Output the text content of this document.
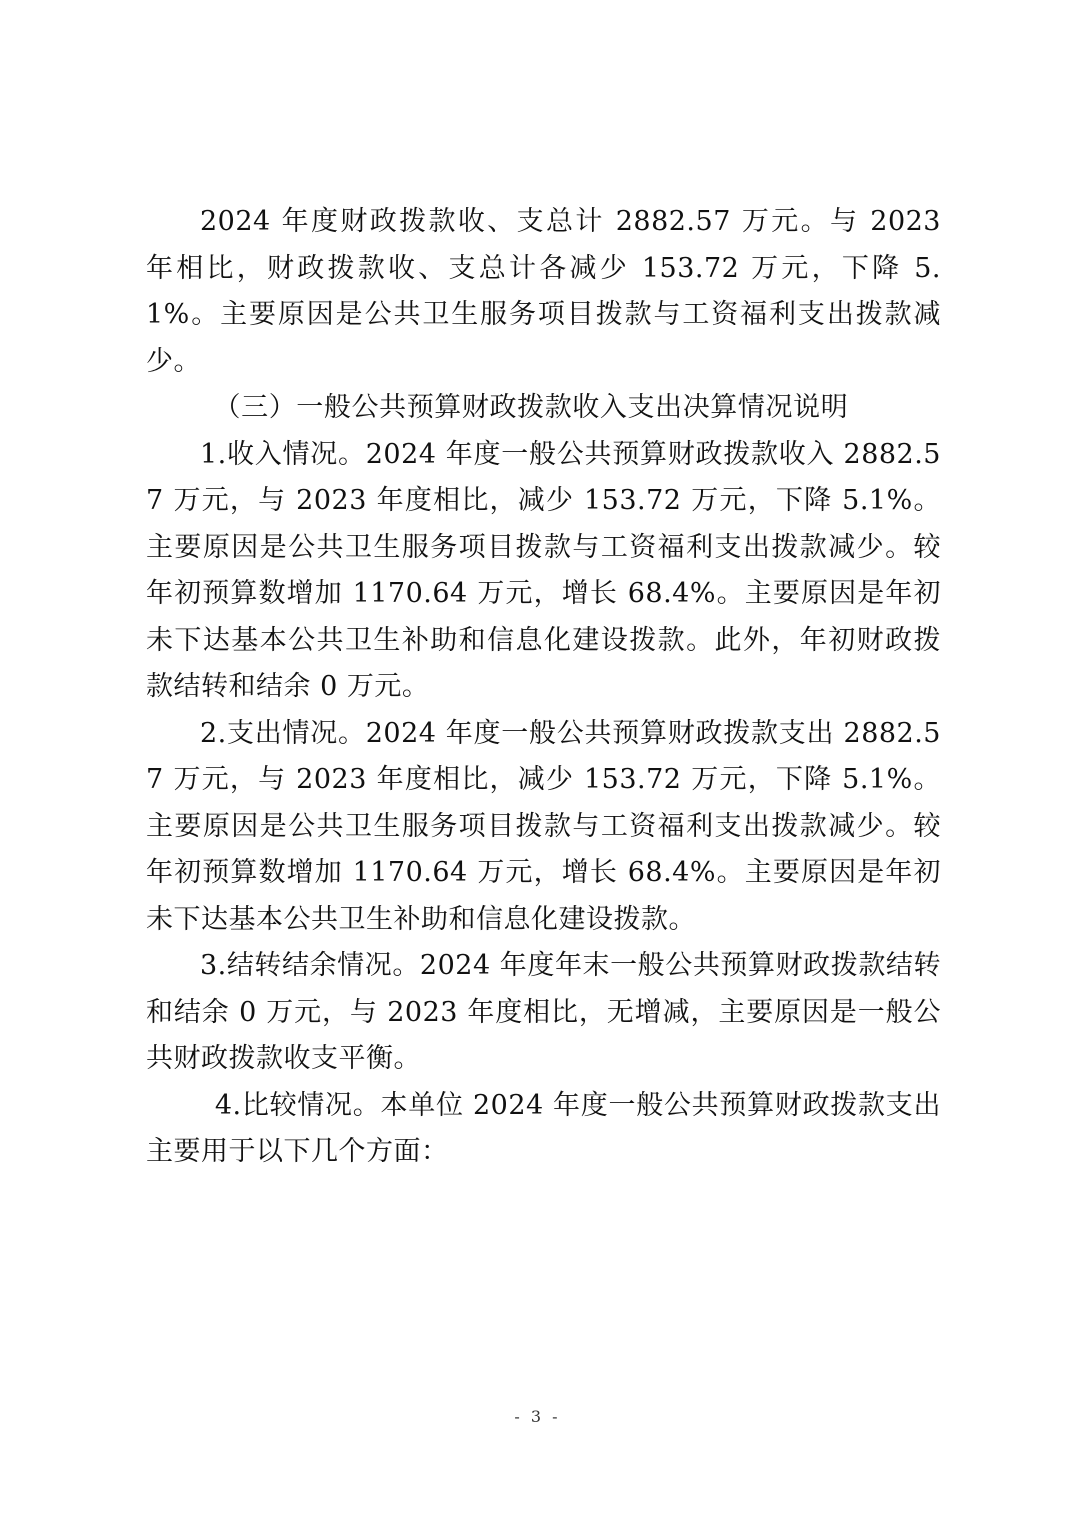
2024 年度财政拨款收、支总计 2882.57 万元。与 2023 年相比，财政拨款收、支总计各减少 153.72 万元，下降 5.1%。主要原因是公共卫生服务项目拨款与工资福利支出拨款减少。

（三）一般公共预算财政拨款收入支出决算情况说明

1.收入情况。2024 年度一般公共预算财政拨款收入 2882.57 万元，与 2023 年度相比，减少 153.72 万元，下降 5.1%。主要原因是公共卫生服务项目拨款与工资福利支出拨款减少。较年初预算数增加 1170.64 万元，增长 68.4%。主要原因是年初未下达基本公共卫生补助和信息化建设拨款。此外，年初财政拨款结转和结余 0 万元。

2.支出情况。2024 年度一般公共预算财政拨款支出 2882.57 万元，与 2023 年度相比，减少 153.72 万元，下降 5.1%。主要原因是公共卫生服务项目拨款与工资福利支出拨款减少。较年初预算数增加 1170.64 万元，增长 68.4%。主要原因是年初未下达基本公共卫生补助和信息化建设拨款。

3.结转结余情况。2024 年度年末一般公共预算财政拨款结转和结余 0 万元，与 2023 年度相比，无增减，主要原因是一般公共财政拨款收支平衡。

4.比较情况。本单位 2024 年度一般公共预算财政拨款支出主要用于以下几个方面：

- 3 -
